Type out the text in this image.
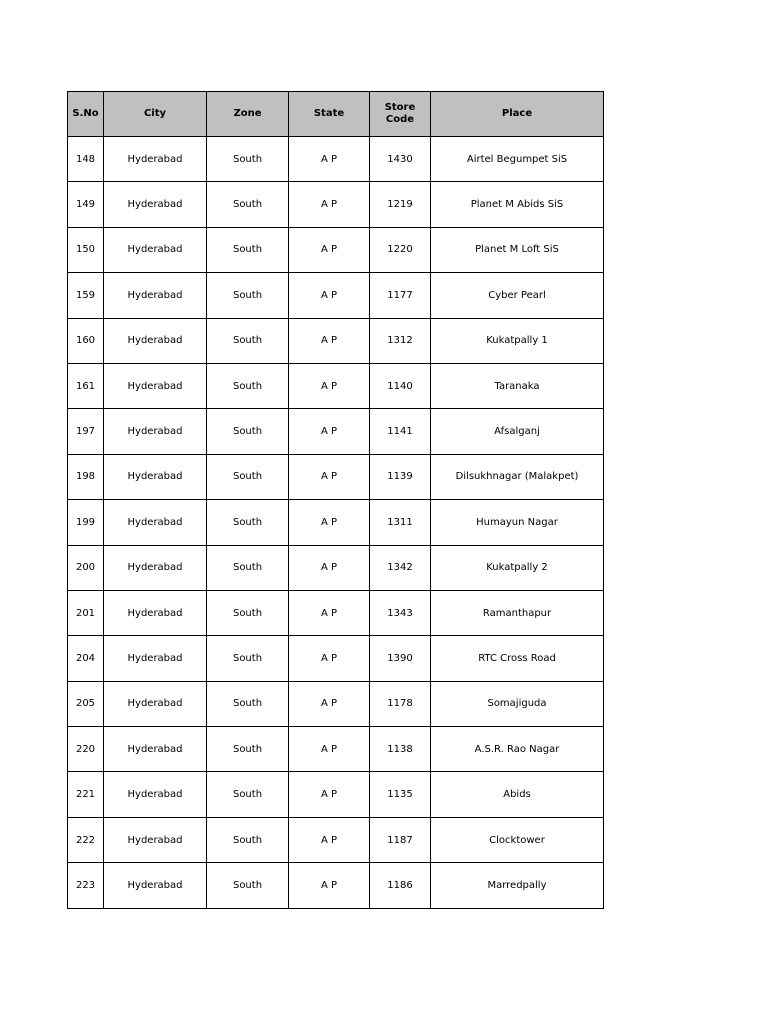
S.No	City	Zone	State	Store Code	Place
148	Hyderabad	South	A P	1430	Airtel Begumpet SiS
149	Hyderabad	South	A P	1219	Planet M Abids SiS
150	Hyderabad	South	A P	1220	Planet M Loft SiS
159	Hyderabad	South	A P	1177	Cyber Pearl
160	Hyderabad	South	A P	1312	Kukatpally 1
161	Hyderabad	South	A P	1140	Taranaka
197	Hyderabad	South	A P	1141	Afsalganj
198	Hyderabad	South	A P	1139	Dilsukhnagar (Malakpet)
199	Hyderabad	South	A P	1311	Humayun Nagar
200	Hyderabad	South	A P	1342	Kukatpally 2
201	Hyderabad	South	A P	1343	Ramanthapur
204	Hyderabad	South	A P	1390	RTC Cross Road
205	Hyderabad	South	A P	1178	Somajiguda
220	Hyderabad	South	A P	1138	A.S.R. Rao Nagar
221	Hyderabad	South	A P	1135	Abids
222	Hyderabad	South	A P	1187	Clocktower
223	Hyderabad	South	A P	1186	Marredpally
